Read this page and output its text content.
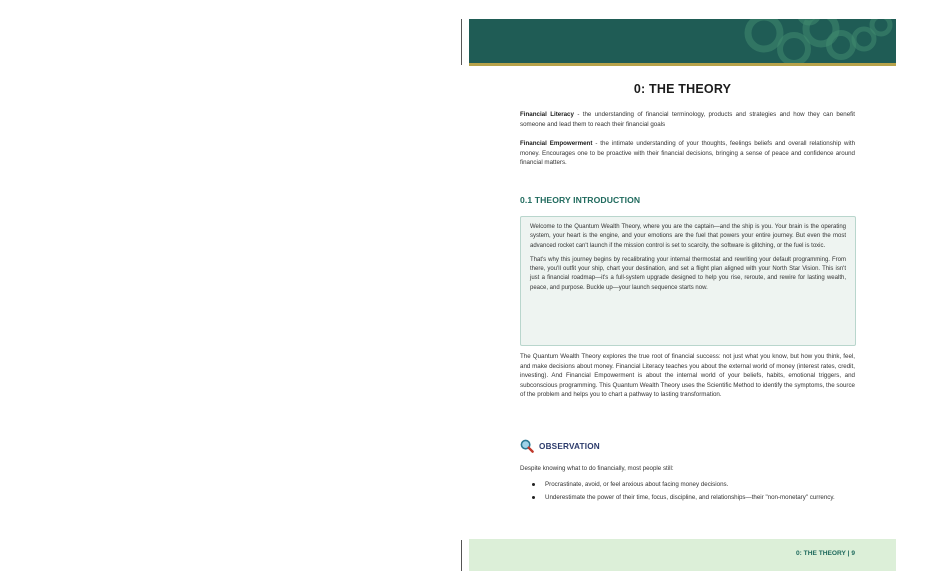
0: THE THEORY
Financial Literacy - the understanding of financial terminology, products and strategies and how they can benefit someone and lead them to reach their financial goals
Financial Empowerment - the intimate understanding of your thoughts, feelings beliefs and overall relationship with money. Encourages one to be proactive with their financial decisions, bringing a sense of peace and confidence around financial matters.
0.1 THEORY INTRODUCTION

Welcome to the Quantum Wealth Theory, where you are the captain—and the ship is you. Your brain is the operating system, your heart is the engine, and your emotions are the fuel that powers your entire journey. But even the most advanced rocket can't launch if the mission control is set to scarcity, the software is glitching, or the fuel is toxic.

That's why this journey begins by recalibrating your internal thermostat and rewriting your default programming. From there, you'll outfit your ship, chart your destination, and set a flight plan aligned with your North Star Vision. This isn't just a financial roadmap—it's a full-system upgrade designed to help you rise, reroute, and rewire for lasting wealth, peace, and purpose. Buckle up—your launch sequence starts now.

The Quantum Wealth Theory explores the true root of financial success: not just what you know, but how you think, feel, and make decisions about money. Financial Literacy teaches you about the external world of money (interest rates, credit, investing). And Financial Empowerment is about the internal world of your beliefs, habits, emotional triggers, and subconscious programming. This Quantum Wealth Theory uses the Scientific Method to identify the symptoms, the source of the problem and helps you to chart a pathway to lasting transformation.
OBSERVATION
Despite knowing what to do financially, most people still:
Procrastinate, avoid, or feel anxious about facing money decisions.
Underestimate the power of their time, focus, discipline, and relationships—their "non-monetary" currency.
0: THE THEORY | 9
